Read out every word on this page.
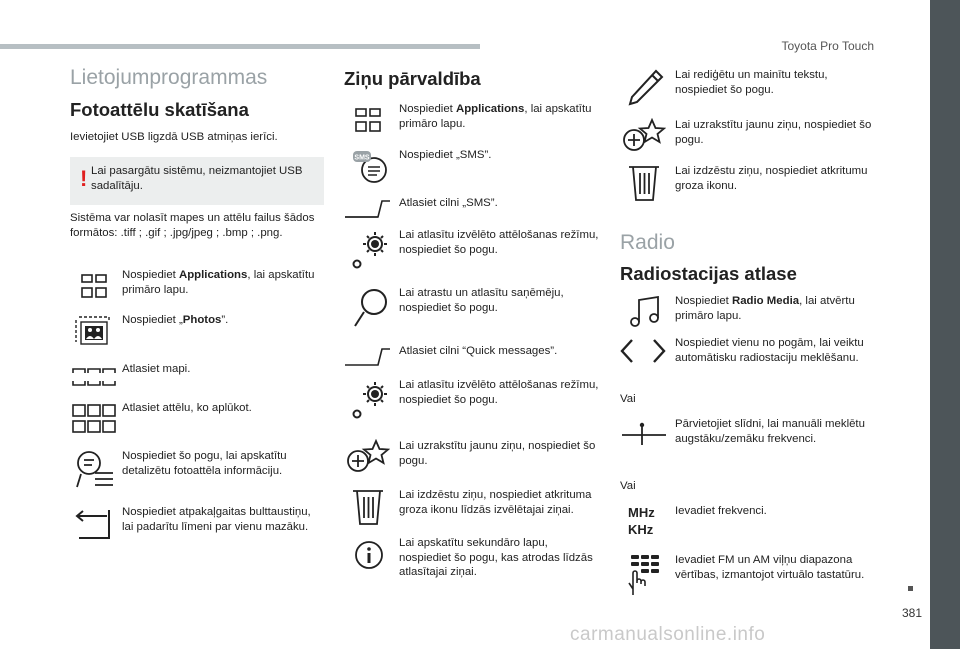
Toyota Pro Touch
381
carmanualsonline.info
Lietojumprogrammas
Fotoattēlu skatīšana
Ievietojiet USB ligzdā USB atmiņas ierīci.
! Lai pasargātu sistēmu, neizmantojiet USB sadalītāju.
Sistēma var nolasīt mapes un attēlu failus šādos formātos: .tiff ; .gif ; .jpg/jpeg ; .bmp ; .png.
Nospiediet Applications, lai apskatītu primāro lapu.
Nospiediet „Photos”.
Atlasiet mapi.
Atlasiet attēlu, ko aplūkot.
Nospiediet šo pogu, lai apskatītu detalizētu fotoattēla informāciju.
Nospiediet atpakaļgaitas bulttaustiņu, lai padarītu līmeni par vienu mazāku.
Ziņu pārvaldība
Nospiediet Applications, lai apskatītu primāro lapu.
SMS	Nospiediet „SMS”.
Atlasiet cilni „SMS”.
Lai atlasītu izvēlēto attēlošanas režīmu, nospiediet šo pogu.
Lai atrastu un atlasītu saņēmēju, nospiediet šo pogu.
Atlasiet cilni “Quick messages”.
Lai atlasītu izvēlēto attēlošanas režīmu, nospiediet šo pogu.
Lai uzrakstītu jaunu ziņu, nospiediet šo pogu.
Lai izdzēstu ziņu, nospiediet atkrituma groza ikonu līdzās izvēlētajai ziņai.
Lai apskatītu sekundāro lapu, nospiediet šo pogu, kas atrodas līdzās atlasītajai ziņai.
Lai rediģētu un mainītu tekstu, nospiediet šo pogu.
Lai uzrakstītu jaunu ziņu, nospiediet šo pogu.
Lai izdzēstu ziņu, nospiediet atkritumu groza ikonu.
Radio
Radiostacijas atlase
Nospiediet Radio Media, lai atvērtu primāro lapu.
Nospiediet vienu no pogām, lai veiktu automātisku radiostaciju meklēšanu.
Vai
Pārvietojiet slīdni, lai manuāli meklētu augstāku/zemāku frekvenci.
Vai
MHz
KHz
Ievadiet frekvenci.
Ievadiet FM un AM viļņu diapazona vērtības, izmantojot virtuālo tastatūru.
